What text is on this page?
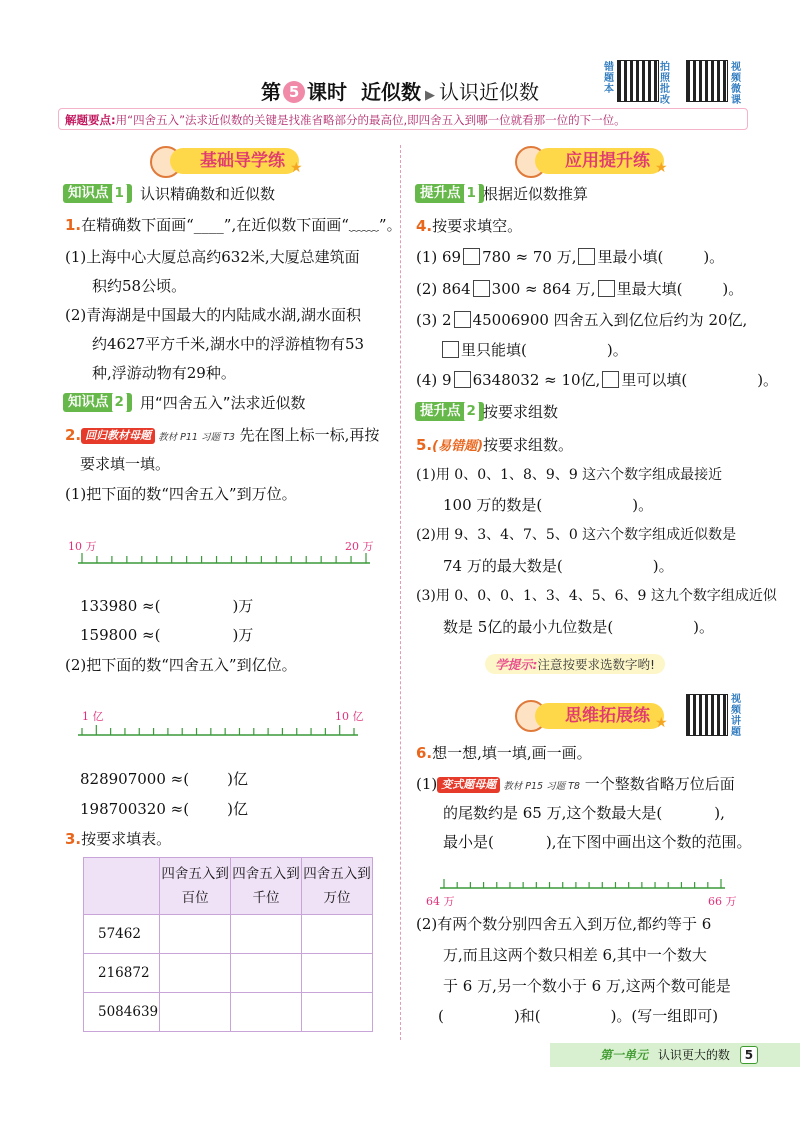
第 5 课时 近似数 ▶ 认识近似数
错题本
拍照批改
视频微课
解题要点:用“四舍五入”法求近似数的关键是找准省略部分的最高位,即四舍五入到哪一位就看那一位的下一位。
基础导学练 ★
知识点 1	认识精确数和近似数
1.在精确数下面画“____”,在近似数下面画“﹏﹏”。
(1)上海中心大厦总高约632米,大厦总建筑面
积约58公顷。
(2)青海湖是中国最大的内陆咸水湖,湖水面积
约4627平方千米,湖水中的浮游植物有53
种,浮游动物有29种。
知识点 2	用“四舍五入”法求近似数
2. 回归教材母题 教材 P11 习题 T3 先在图上标一标,再按
要求填一填。
(1)把下面的数“四舍五入”到万位。
10 万	20 万
133980 ≈(	)万
159800 ≈(	)万
(2)把下面的数“四舍五入”到亿位。
1 亿	10 亿
828907000 ≈(	)亿
198700320 ≈(	)亿
3.按要求填表。
	四舍五入到百位	四舍五入到千位	四舍五入到万位
57462			
216872			
5084639			
应用提升练 ★
提升点 1 根据近似数推算
4.按要求填空。
(1) 69 780 ≈ 70 万, 里最小填(	)。
(2) 864 300 ≈ 864 万, 里最大填(	)。
(3) 2 45006900 四舍五入到亿位后约为 20亿,
里只能填(	)。
(4) 9 6348032 ≈ 10亿, 里可以填(	)。
提升点 2 按要求组数
5.(易错题)按要求组数。
(1)用 0、0、1、8、9、9 这六个数字组成最接近
100 万的数是(	)。
(2)用 9、3、4、7、5、0 这六个数字组成近似数是
74 万的最大数是(	)。
(3)用 0、0、0、1、3、4、5、6、9 这九个数字组成近似
数是 5亿的最小九位数是(	)。
学提示:注意按要求选数字哟!
思维拓展练 ★
视频讲题
6.想一想,填一填,画一画。
(1) 变式题母题 教材 P15 习题 T8 一个整数省略万位后面
的尾数约是 65 万,这个数最大是(	),
最小是(	),在下图中画出这个数的范围。
64 万	66 万
(2)有两个数分别四舍五入到万位,都约等于 6
万,而且这两个数只相差 6,其中一个数大
于 6 万,另一个数小于 6 万,这两个数可能是
(	)和(	)。(写一组即可)
第一单元 认识更大的数 5
